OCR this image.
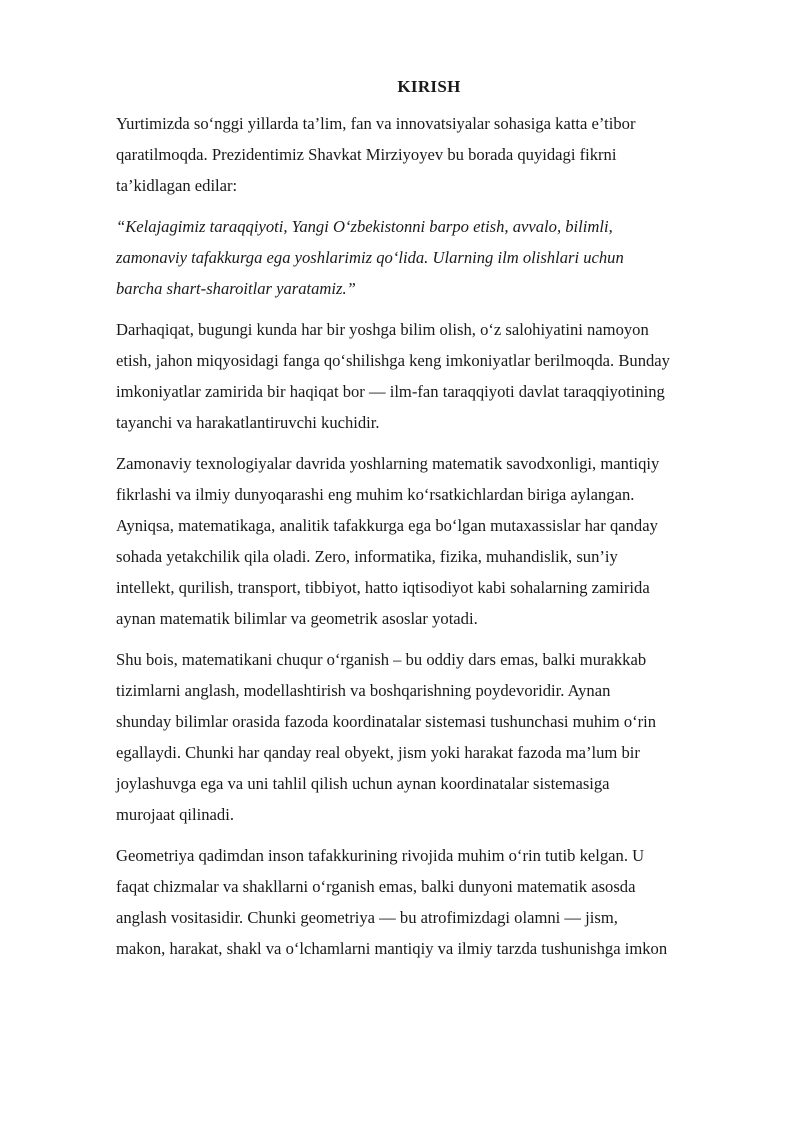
KIRISH
Yurtimizda so‘nggi yillarda ta’lim, fan va innovatsiyalar sohasiga katta e’tibor
qaratilmoqda. Prezidentimiz Shavkat Mirziyoyev bu borada quyidagi fikrni
ta’kidlagan edilar:
“Kelajagimiz taraqqiyoti, Yangi O‘zbekistonni barpo etish, avvalo, bilimli,
zamonaviy tafakkurga ega yoshlarimiz qo‘lida. Ularning ilm olishlari uchun
barcha shart-sharoitlar yaratamiz.”
Darhaqiqat, bugungi kunda har bir yoshga bilim olish, o‘z salohiyatini namoyon
etish, jahon miqyosidagi fanga qo‘shilishga keng imkoniyatlar berilmoqda. Bunday
imkoniyatlar zamirida bir haqiqat bor — ilm-fan taraqqiyoti davlat taraqqiyotining
tayanchi va harakatlantiruvchi kuchidir.
Zamonaviy texnologiyalar davrida yoshlarning matematik savodxonligi, mantiqiy
fikrlashi va ilmiy dunyoqarashi eng muhim ko‘rsatkichlardan biriga aylangan.
Ayniqsa, matematikaga, analitik tafakkurga ega bo‘lgan mutaxassislar har qanday
sohada yetakchilik qila oladi. Zero, informatika, fizika, muhandislik, sun’iy
intellekt, qurilish, transport, tibbiyot, hatto iqtisodiyot kabi sohalarning zamirida
aynan matematik bilimlar va geometrik asoslar yotadi.
Shu bois, matematikani chuqur o‘rganish – bu oddiy dars emas, balki murakkab
tizimlarni anglash, modellashtirish va boshqarishning poydevoridir. Aynan
shunday bilimlar orasida fazoda koordinatalar sistemasi tushunchasi muhim o‘rin
egallaydi. Chunki har qanday real obyekt, jism yoki harakat fazoda ma’lum bir
joylashuvga ega va uni tahlil qilish uchun aynan koordinatalar sistemasiga
murojaat qilinadi.
Geometriya qadimdan inson tafakkurining rivojida muhim o‘rin tutib kelgan. U
faqat chizmalar va shakllarni o‘rganish emas, balki dunyoni matematik asosda
anglash vositasidir. Chunki geometriya — bu atrofimizdagi olamni — jism,
makon, harakat, shakl va o‘lchamlarni mantiqiy va ilmiy tarzda tushunishga imkon
